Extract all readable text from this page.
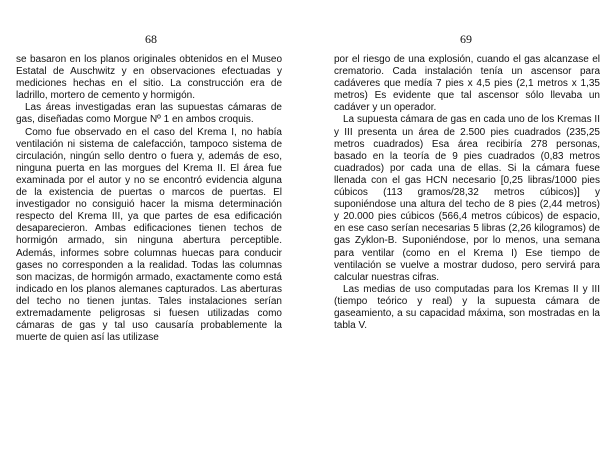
68

se basaron en los planos originales obtenidos en el Museo Estatal de Auschwitz y en observaciones efectuadas y mediciones hechas en el sitio. La construcción era de ladrillo, mortero de cemento y hormigón.

Las áreas investigadas eran las supuestas cámaras de gas, diseñadas como Morgue Nº 1 en ambos croquis.

Como fue observado en el caso del Krema I, no había ventilación ni sistema de calefacción, tampoco sistema de circulación, ningún sello dentro o fuera y, además de eso, ninguna puerta en las morgues del Krema II. El área fue examinada por el autor y no se encontró evidencia alguna de la existencia de puertas o marcos de puertas. El investigador no consiguió hacer la misma determinación respecto del Krema III, ya que partes de esa edificación desaparecieron. Ambas edificaciones tienen techos de hormigón armado, sin ninguna abertura perceptible. Además, informes sobre columnas huecas para conducir gases no corresponden a la realidad. Todas las columnas son macizas, de hormigón armado, exactamente como está indicado en los planos alemanes capturados. Las aberturas del techo no tienen juntas. Tales instalaciones serían extremadamente peligrosas si fuesen utilizadas como cámaras de gas y tal uso causaría probablemente la muerte de quien así las utilizase

69

por el riesgo de una explosión, cuando el gas alcanzase el crematorio. Cada instalación tenía un ascensor para cadáveres que medía 7 pies x 4,5 pies (2,1 metros x 1,35 metros) Es evidente que tal ascensor sólo llevaba un cadáver y un operador.

La supuesta cámara de gas en cada uno de los Kremas II y III presenta un área de 2.500 pies cuadrados (235,25 metros cuadrados) Esa área recibiría 278 personas, basado en la teoría de 9 pies cuadrados (0,83 metros cuadrados) por cada una de ellas. Si la cámara fuese llenada con el gas HCN necesario [0,25 libras/1000 pies cúbicos (113 gramos/28,32 metros cúbicos)] y suponiéndose una altura del techo de 8 pies (2,44 metros) y 20.000 pies cúbicos (566,4 metros cúbicos) de espacio, en ese caso serían necesarias 5 libras (2,26 kilogramos) de gas Zyklon-B. Suponiéndose, por lo menos, una semana para ventilar (como en el Krema I) Ese tiempo de ventilación se vuelve a mostrar dudoso, pero servirá para calcular nuestras cifras.

Las medias de uso computadas para los Kremas II y III (tiempo teórico y real) y la supuesta cámara de gaseamiento, a su capacidad máxima, son mostradas en la tabla V.
